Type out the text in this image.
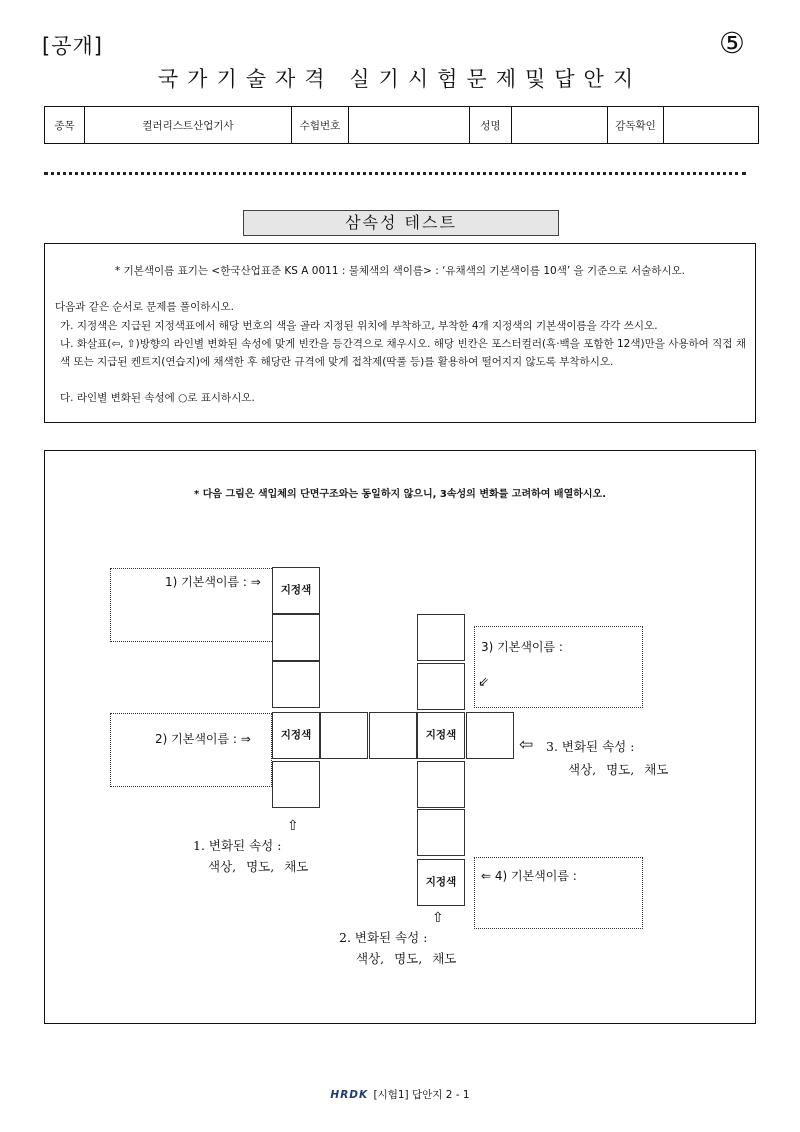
[공개]	⑤
국가기술자격 실기시험문제및답안지
종목	컬러리스트산업기사	수험번호		성명		감독확인	
삼속성 테스트
* 기본색이름 표기는 <한국산업표준 KS A 0011 : 물체색의 색이름> : ‘유채색의 기본색이름 10색’ 을 기준으로 서술하시오.
다음과 같은 순서로 문제를 풀이하시오.
가. 지정색은 지급된 지정색표에서 해당 번호의 색을 골라 지정된 위치에 부착하고, 부착한 4개 지정색의 기본색이름을 각각 쓰시오.
나. 화살표(⇦, ⇧)방향의 라인별 변화된 속성에 맞게 빈칸을 등간격으로 채우시오. 해당 빈칸은 포스터컬러(흑·백을 포함한 12색)만을 사용하여 직접 채색 또는 지급된 켄트지(연습지)에 채색한 후 해당란 규격에 맞게 접착제(딱풀 등)를 활용하여 떨어지지 않도록 부착하시오.
다. 라인별 변화된 속성에 ○로 표시하시오.
* 다음 그림은 색입체의 단면구조와는 동일하지 않으니, 3속성의 변화를 고려하여 배열하시오.
1) 기본색이름 : ⇒
2) 기본색이름 : ⇒
3) 기본색이름 :
⇙
⇐ 4) 기본색이름 :
지정색
지정색	지정색
지정색
⇧
⇧
⇦
1. 변화된 속성 :
색상, 명도, 채도
2. 변화된 속성 :
색상, 명도, 채도
3. 변화된 속성 :
색상, 명도, 채도
HRDK [시험1] 답안지 2 - 1
